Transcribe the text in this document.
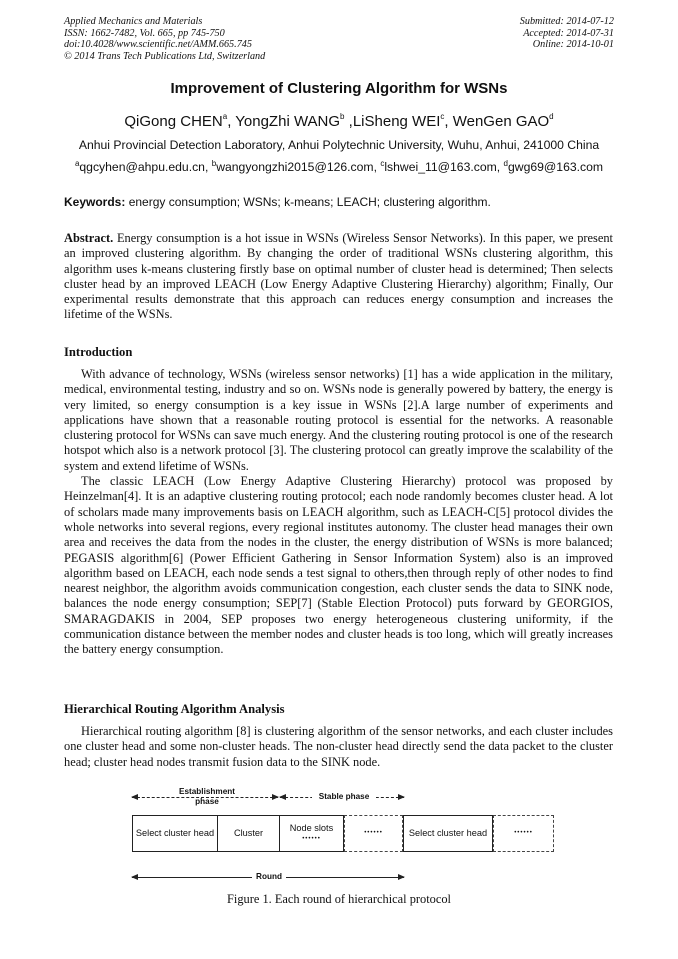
Applied Mechanics and Materials
ISSN: 1662-7482, Vol. 665, pp 745-750
doi:10.4028/www.scientific.net/AMM.665.745
© 2014 Trans Tech Publications Ltd, Switzerland
Submitted: 2014-07-12
Accepted: 2014-07-31
Online: 2014-10-01
Improvement of Clustering Algorithm for WSNs
QiGong CHEN$^a$, YongZhi WANG$^b$ ,LiSheng WEI$^c$, WenGen GAO$^d$
Anhui Provincial Detection Laboratory, Anhui Polytechnic University, Wuhu, Anhui, 241000 China
$^a$qgcyhen@ahpu.edu.cn, $^b$wangyongzhi2015@126.com, $^c$lshwei_11@163.com, $^d$gwg69@163.com
Keywords: energy consumption; WSNs; k-means; LEACH; clustering algorithm.

Abstract. Energy consumption is a hot issue in WSNs (Wireless Sensor Networks). In this paper, we present an improved clustering algorithm. By changing the order of traditional WSNs clustering algorithm, this algorithm uses k-means clustering firstly base on optimal number of cluster head is determined; Then selects cluster head by an improved LEACH (Low Energy Adaptive Clustering Hierarchy) algorithm; Finally, Our experimental results demonstrate that this approach can reduces energy consumption and increases the lifetime of the WSNs.

Introduction

With advance of technology, WSNs (wireless sensor networks) [1] has a wide application in the military, medical, environmental testing, industry and so on. WSNs node is generally powered by battery, the energy is very limited, so energy consumption is a key issue in WSNs [2].A large number of experiments and applications have shown that a reasonable routing protocol is essential for the networks. A reasonable clustering protocol for WSNs can save much energy. And the clustering routing protocol is one of the research hotspot which also is a network protocol [3]. The clustering protocol can greatly improve the scalability of the system and extend lifetime of WSNs.

The classic LEACH (Low Energy Adaptive Clustering Hierarchy) protocol was proposed by Heinzelman[4]. It is an adaptive clustering routing protocol; each node randomly becomes cluster head. A lot of scholars made many improvements basis on LEACH algorithm, such as LEACH-C[5] protocol divides the whole networks into several regions, every regional institutes autonomy. The cluster head manages their own area and receives the data from the nodes in the cluster, the energy distribution of WSNs is more balanced; PEGASIS algorithm[6] (Power Efficient Gathering in Sensor Information System) also is an improved algorithm based on LEACH, each node sends a test signal to others,then through reply of other nodes to find nearest neighbor, the algorithm avoids communication congestion, each cluster sends the data to SINK node, balances the node energy consumption; SEP[7] (Stable Election Protocol) puts forward by GEORGIOS, SMARAGDAKIS in 2004, SEP proposes two energy heterogeneous clustering uniformity, if the communication distance between the member nodes and cluster heads is too long, which will greatly increases the battery energy consumption.

Hierarchical Routing Algorithm Analysis

Hierarchical routing algorithm [8] is clustering algorithm of the sensor networks, and each cluster includes one cluster head and some non-cluster heads. The non-cluster head directly send the data packet to the cluster head; cluster head nodes transmit fusion data to the SINK node.

Establishment
phase
Stable phase
Select cluster head	Cluster
Node slots
••••••
••••••	Select cluster head	••••••
Round
Figure 1. Each round of hierarchical protocol
